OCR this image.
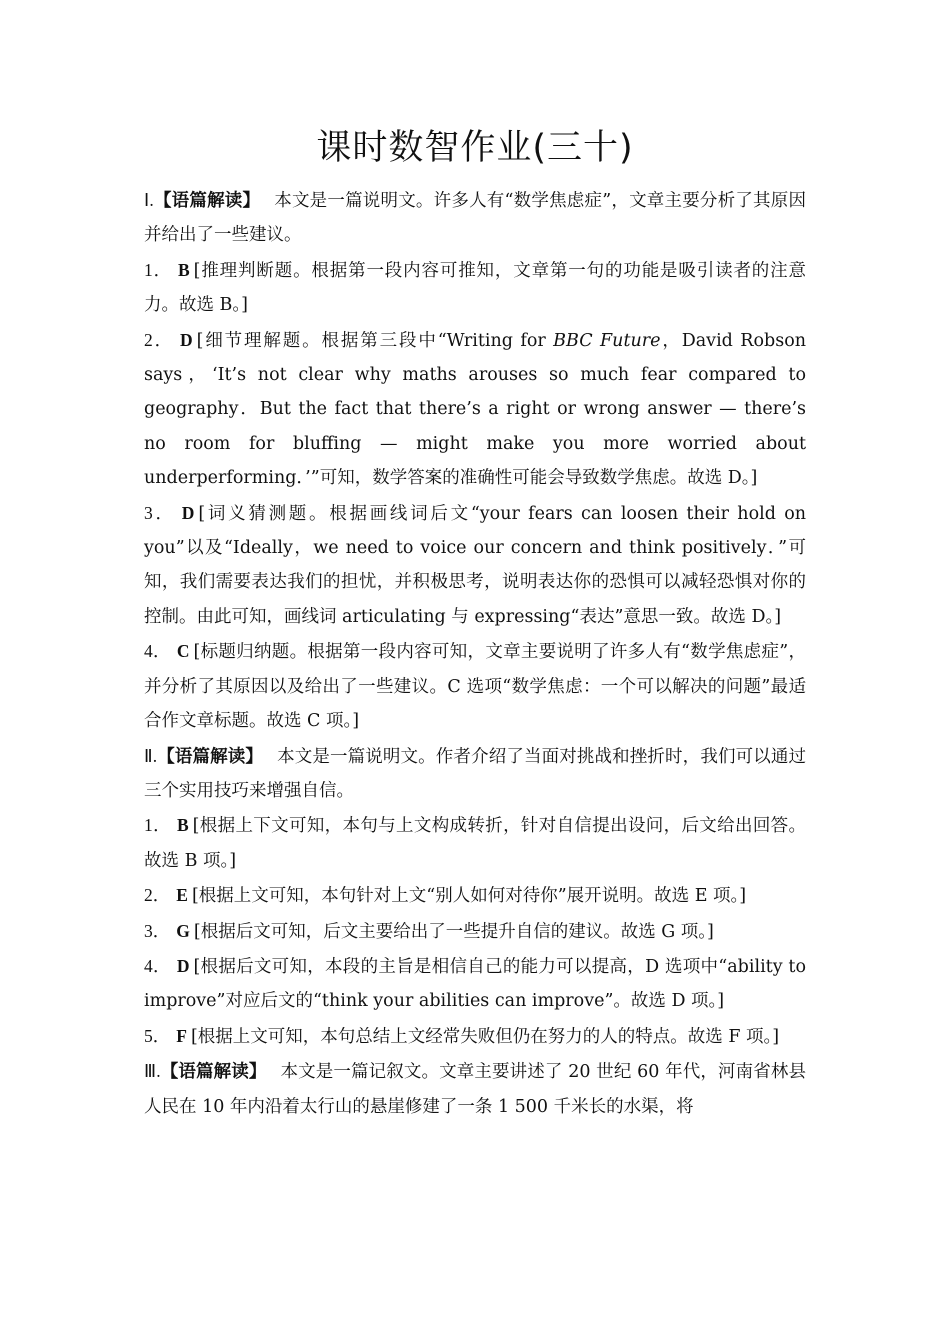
课时数智作业(三十)

Ⅰ.【语篇解读】 本文是一篇说明文。许多人有“数学焦虑症”，文章主要分析了其原因并给出了一些建议。

1． B [推理判断题。根据第一段内容可推知，文章第一句的功能是吸引读者的注意力。故选 B。]

2． D [细节理解题。根据第三段中“Writing for BBC Future，David Robson says，‘It’s not clear why maths arouses so much fear compared to geography．But the fact that there’s a right or wrong answer — there’s no room for bluffing — might make you more worried about underperforming．’”可知，数学答案的准确性可能会导致数学焦虑。故选 D。]

3． D [词义猜测题。根据画线词后文“your fears can loosen their hold on you”以及“Ideally，we need to voice our concern and think positively．”可知，我们需要表达我们的担忧，并积极思考，说明表达你的恐惧可以减轻恐惧对你的控制。由此可知，画线词 articulating 与 expressing“表达”意思一致。故选 D。]

4． C [标题归纳题。根据第一段内容可知，文章主要说明了许多人有“数学焦虑症”，并分析了其原因以及给出了一些建议。C 选项“数学焦虑：一个可以解决的问题”最适合作文章标题。故选 C 项。]

Ⅱ.【语篇解读】 本文是一篇说明文。作者介绍了当面对挑战和挫折时，我们可以通过三个实用技巧来增强自信。

1． B [根据上下文可知，本句与上文构成转折，针对自信提出设问，后文给出回答。故选 B 项。]

2． E [根据上文可知，本句针对上文“别人如何对待你”展开说明。故选 E 项。]

3． G [根据后文可知，后文主要给出了一些提升自信的建议。故选 G 项。]

4． D [根据后文可知，本段的主旨是相信自己的能力可以提高，D 选项中“ability to improve”对应后文的“think your abilities can improve”。故选 D 项。]

5． F [根据上文可知，本句总结上文经常失败但仍在努力的人的特点。故选 F 项。]

Ⅲ.【语篇解读】 本文是一篇记叙文。文章主要讲述了 20 世纪 60 年代，河南省林县人民在 10 年内沿着太行山的悬崖修建了一条 1 500 千米长的水渠，将
